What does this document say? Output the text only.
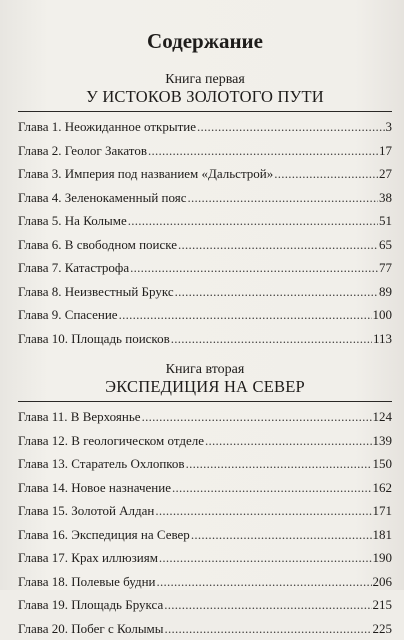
Содержание
Книга первая
У ИСТОКОВ ЗОЛОТОГО ПУТИ
Глава 1. Неожиданное открытие . . .	3
Глава 2. Геолог Закатов . . .	17
Глава 3. Империя под названием «Дальстрой» . . .	27
Глава 4. Зеленокаменный пояс . . .	38
Глава 5. На Колыме . . .	51
Глава 6. В свободном поиске . . .	65
Глава 7. Катастрофа . . .	77
Глава 8. Неизвестный Брукс . . .	89
Глава 9. Спасение . . .	100
Глава 10. Площадь поисков . . .	113
Книга вторая
ЭКСПЕДИЦИЯ НА СЕВЕР
Глава 11. В Верхоянье . . .	124
Глава 12. В геологическом отделе . . .	139
Глава 13. Старатель Охлопков . . .	150
Глава 14. Новое назначение . . .	162
Глава 15. Золотой Алдан . . .	171
Глава 16. Экспедиция на Север . . .	181
Глава 17. Крах иллюзиям . . .	190
Глава 18. Полевые будни . . .	206
Глава 19. Площадь Брукса . . .	215
Глава 20. Побег с Колымы . . .	225
